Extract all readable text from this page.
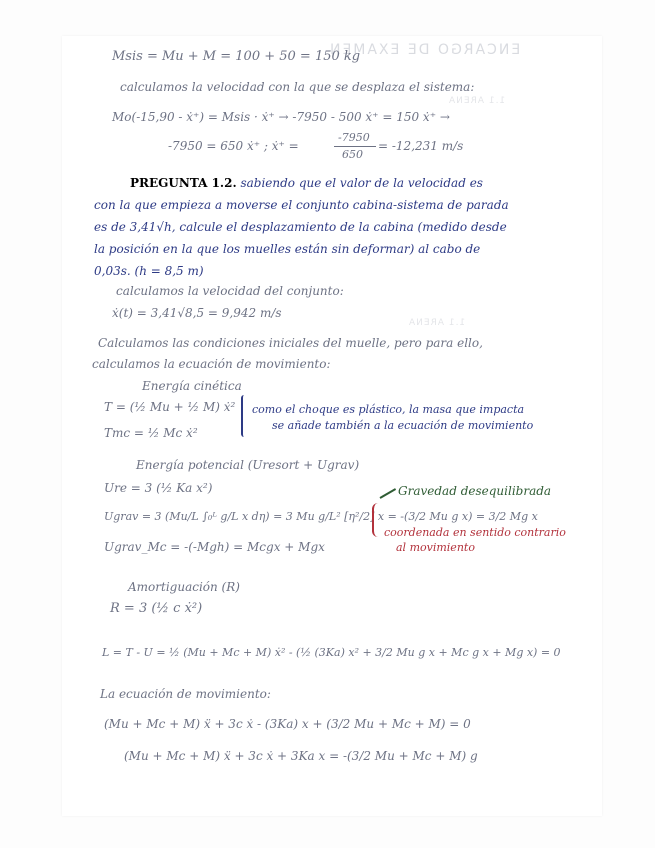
ENCARGO DE EXAMEN
1.1 ARENA
1.1 ARENA
Msis = Mu + M = 100 + 50 = 150 kg
calculamos la velocidad con la que se desplaza el sistema:
Mo(-15,90 - ẋ⁺) = Msis · ẋ⁺ → -7950 - 500 ẋ⁺ = 150 ẋ⁺ →
-7950 = 650 ẋ⁺ ; ẋ⁺ =
-7950
650
= -12,231 m/s
PREGUNTA 1.2. sabiendo que el valor de la velocidad es
con la que empieza a moverse el conjunto cabina-sistema de parada
es de 3,41√h, calcule el desplazamiento de la cabina (medido desde
la posición en la que los muelles están sin deformar) al cabo de
0,03s. (h = 8,5 m)
calculamos la velocidad del conjunto:
ẋ(t) = 3,41√8,5 = 9,942 m/s
Calculamos las condiciones iniciales del muelle, pero para ello,
calculamos la ecuación de movimiento:
Energía cinética
T = (½ Mu + ½ M) ẋ²
Tmc = ½ Mc ẋ²
como el choque es plástico, la masa que impacta
se añade también a la ecuación de movimiento
Energía potencial (Uresort + Ugrav)
Ure = 3 (½ Ka x²)	Gravedad desequilibrada
Ugrav = 3 (Mu/L ∫₀ᴸ g/L x dη) = 3 Mu g/L² [η²/2] x = -(3/2 Mu g x) = 3/2 Mg x
coordenada en sentido contrario
al movimiento
Ugrav_Mc = -(-Mgh) = Mcgx + Mgx
Amortiguación (R)
R = 3 (½ c ẋ²)
L = T - U = ½ (Mu + Mc + M) ẋ² - (½ (3Ka) x² + 3/2 Mu g x + Mc g x + Mg x) = 0
La ecuación de movimiento:
(Mu + Mc + M) ẍ + 3c ẋ - (3Ka) x + (3/2 Mu + Mc + M) = 0
(Mu + Mc + M) ẍ + 3c ẋ + 3Ka x = -(3/2 Mu + Mc + M) g
